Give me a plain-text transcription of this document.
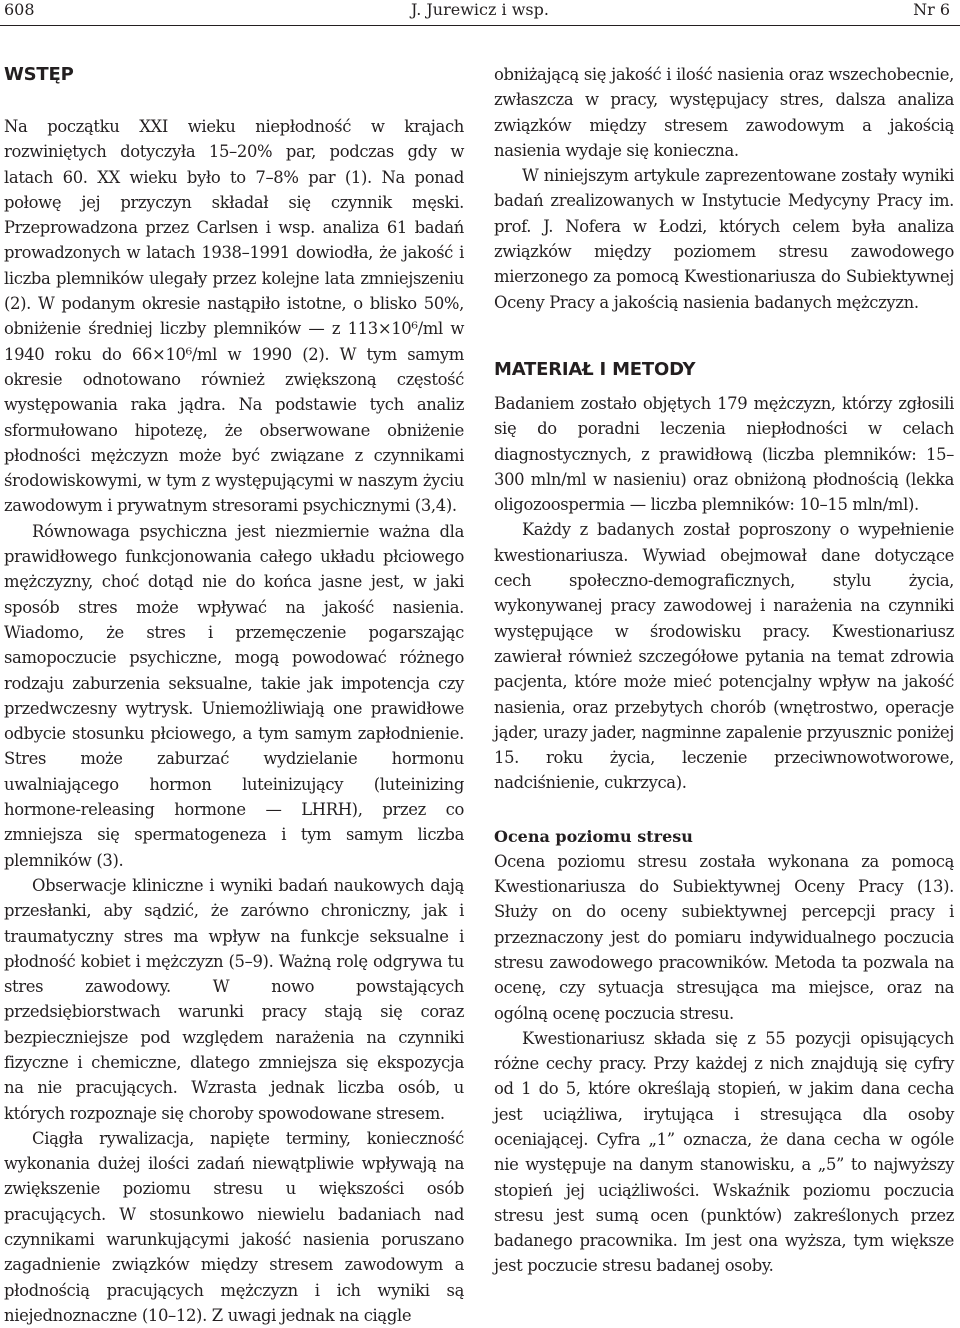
608	J. Jurewicz i wsp.	Nr 6
WSTĘP

Na początku XXI wieku niepłodność w krajach rozwiniętych dotyczyła 15–20% par, podczas gdy w latach 60. XX wieku było to 7–8% par (1). Na ponad połowę jej przyczyn składał się czynnik męski. Przeprowadzona przez Carlsen i wsp. analiza 61 badań prowadzonych w latach 1938–1991 dowiodła, że jakość i liczba plemników ulegały przez kolejne lata zmniejszeniu (2). W podanym okresie nastąpiło istotne, o blisko 50%, obniżenie średniej liczby plemników — z 113×10⁶/ml w 1940 roku do 66×10⁶/ml w 1990 (2). W tym samym okresie odnotowano również zwiększoną częstość występowania raka jądra. Na podstawie tych analiz sformułowano hipotezę, że obserwowane obniżenie płodności mężczyzn może być związane z czynnikami środowiskowymi, w tym z występującymi w naszym życiu zawodowym i prywatnym stresorami psychicznymi (3,4).

Równowaga psychiczna jest niezmiernie ważna dla prawidłowego funkcjonowania całego układu płciowego mężczyzny, choć dotąd nie do końca jasne jest, w jaki sposób stres może wpływać na jakość nasienia. Wiadomo, że stres i przemęczenie pogarszając samopoczucie psychiczne, mogą powodować różnego rodzaju zaburzenia seksualne, takie jak impotencja czy przedwczesny wytrysk. Uniemożliwiają one prawidłowe odbycie stosunku płciowego, a tym samym zapłodnienie. Stres może zaburzać wydzielanie hormonu uwalniającego hormon luteinizujący (luteinizing hormone-releasing hormone — LHRH), przez co zmniejsza się spermatogeneza i tym samym liczba plemników (3).

Obserwacje kliniczne i wyniki badań naukowych dają przesłanki, aby sądzić, że zarówno chroniczny, jak i traumatyczny stres ma wpływ na funkcje seksualne i płodność kobiet i mężczyzn (5–9). Ważną rolę odgrywa tu stres zawodowy. W nowo powstających przedsiębiorstwach warunki pracy stają się coraz bezpieczniejsze pod względem narażenia na czynniki fizyczne i chemiczne, dlatego zmniejsza się ekspozycja na nie pracujących. Wzrasta jednak liczba osób, u których rozpoznaje się choroby spowodowane stresem.

Ciągła rywalizacja, napięte terminy, konieczność wykonania dużej ilości zadań niewątpliwie wpływają na zwiększenie poziomu stresu u większości osób pracujących. W stosunkowo niewielu badaniach nad czynnikami warunkującymi jakość nasienia poruszano zagadnienie związków między stresem zawodowym a płodnością pracujących mężczyzn i ich wyniki są niejednoznaczne (10–12). Z uwagi jednak na ciągle

obniżającą się jakość i ilość nasienia oraz wszechobecnie, zwłaszcza w pracy, występujacy stres, dalsza analiza związków między stresem zawodowym a jakością nasienia wydaje się konieczna.

W niniejszym artykule zaprezentowane zostały wyniki badań zrealizowanych w Instytucie Medycyny Pracy im. prof. J. Nofera w Łodzi, których celem była analiza związków między poziomem stresu zawodowego mierzonego za pomocą Kwestionariusza do Subiektywnej Oceny Pracy a jakością nasienia badanych mężczyzn.

MATERIAŁ I METODY

Badaniem zostało objętych 179 mężczyzn, którzy zgłosili się do poradni leczenia niepłodności w celach diagnostycznych, z prawidłową (liczba plemników: 15–300 mln/ml w nasieniu) oraz obniżoną płodnością (lekka oligozoospermia — liczba plemników: 10–15 mln/ml).

Każdy z badanych został poproszony o wypełnienie kwestionariusza. Wywiad obejmował dane dotyczące cech społeczno-demograficznych, stylu życia, wykonywanej pracy zawodowej i narażenia na czynniki występujące w środowisku pracy. Kwestionariusz zawierał również szczegółowe pytania na temat zdrowia pacjenta, które może mieć potencjalny wpływ na jakość nasienia, oraz przebytych chorób (wnętrostwo, operacje jąder, urazy jader, nagminne zapalenie przyusznic poniżej 15. roku życia, leczenie przeciwnowotworowe, nadciśnienie, cukrzyca).

Ocena poziomu stresu

Ocena poziomu stresu została wykonana za pomocą Kwestionariusza do Subiektywnej Oceny Pracy (13). Służy on do oceny subiektywnej percepcji pracy i przeznaczony jest do pomiaru indywidualnego poczucia stresu zawodowego pracowników. Metoda ta pozwala na ocenę, czy sytuacja stresująca ma miejsce, oraz na ogólną ocenę poczucia stresu.

Kwestionariusz składa się z 55 pozycji opisujących różne cechy pracy. Przy każdej z nich znajdują się cyfry od 1 do 5, które określają stopień, w jakim dana cecha jest uciążliwa, irytująca i stresująca dla osoby oceniającej. Cyfra „1” oznacza, że dana cecha w ogóle nie występuje na danym stanowisku, a „5” to najwyższy stopień jej uciążliwości. Wskaźnik poziomu poczucia stresu jest sumą ocen (punktów) zakreślonych przez badanego pracownika. Im jest ona wyższa, tym większe jest poczucie stresu badanej osoby.
